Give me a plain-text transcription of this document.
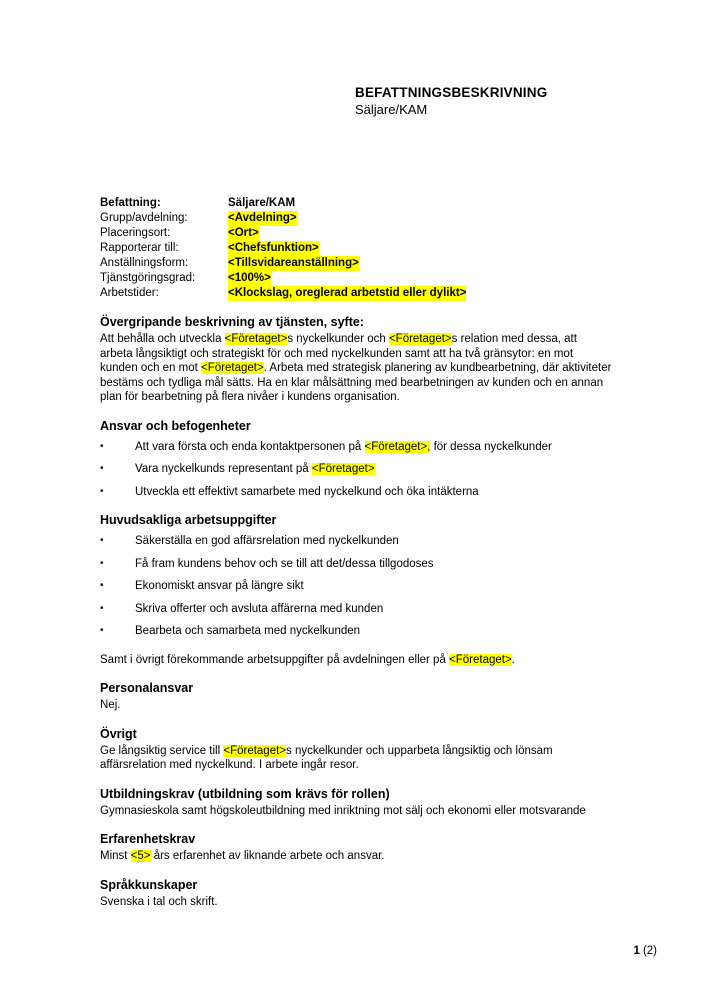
BEFATTNINGSBESKRIVNING
Säljare/KAM
Befattning:	Säljare/KAM
Grupp/avdelning:	<Avdelning>
Placeringsort:	<Ort>
Rapporterar till:	<Chefsfunktion>
Anställningsform:	<Tillsvidareanställning>
Tjänstgöringsgrad:	<100%>
Arbetstider:	<Klockslag, oreglerad arbetstid eller dylikt>
Övergripande beskrivning av tjänsten, syfte:

Att behålla och utveckla <Företaget>s nyckelkunder och <Företaget>s relation med dessa, att arbeta långsiktigt och strategiskt för och med nyckelkunden samt att ha två gränsytor: en mot kunden och en mot <Företaget>. Arbeta med strategisk planering av kundbearbetning, där aktiviteter bestäms och tydliga mål sätts. Ha en klar målsättning med bearbetningen av kunden och en annan plan för bearbetning på flera nivåer i kundens organisation.

Ansvar och befogenheter
•	Att vara första och enda kontaktpersonen på <Företaget>, för dessa nyckelkunder
•	Vara nyckelkunds representant på <Företaget>
•	Utveckla ett effektivt samarbete med nyckelkund och öka intäkterna
Huvudsakliga arbetsuppgifter
•	Säkerställa en god affärsrelation med nyckelkunden
•	Få fram kundens behov och se till att det/dessa tillgodoses
•	Ekonomiskt ansvar på längre sikt
•	Skriva offerter och avsluta affärerna med kunden
•	Bearbeta och samarbeta med nyckelkunden

Samt i övrigt förekommande arbetsuppgifter på avdelningen eller på <Företaget>.

Personalansvar

Nej.

Övrigt

Ge långsiktig service till <Företaget>s nyckelkunder och upparbeta långsiktig och lönsam affärsrelation med nyckelkund. I arbete ingår resor.

Utbildningskrav (utbildning som krävs för rollen)

Gymnasieskola samt högskoleutbildning med inriktning mot sälj och ekonomi eller motsvarande

Erfarenhetskrav

Minst <5> års erfarenhet av liknande arbete och ansvar.

Språkkunskaper

Svenska i tal och skrift.

1 (2)
